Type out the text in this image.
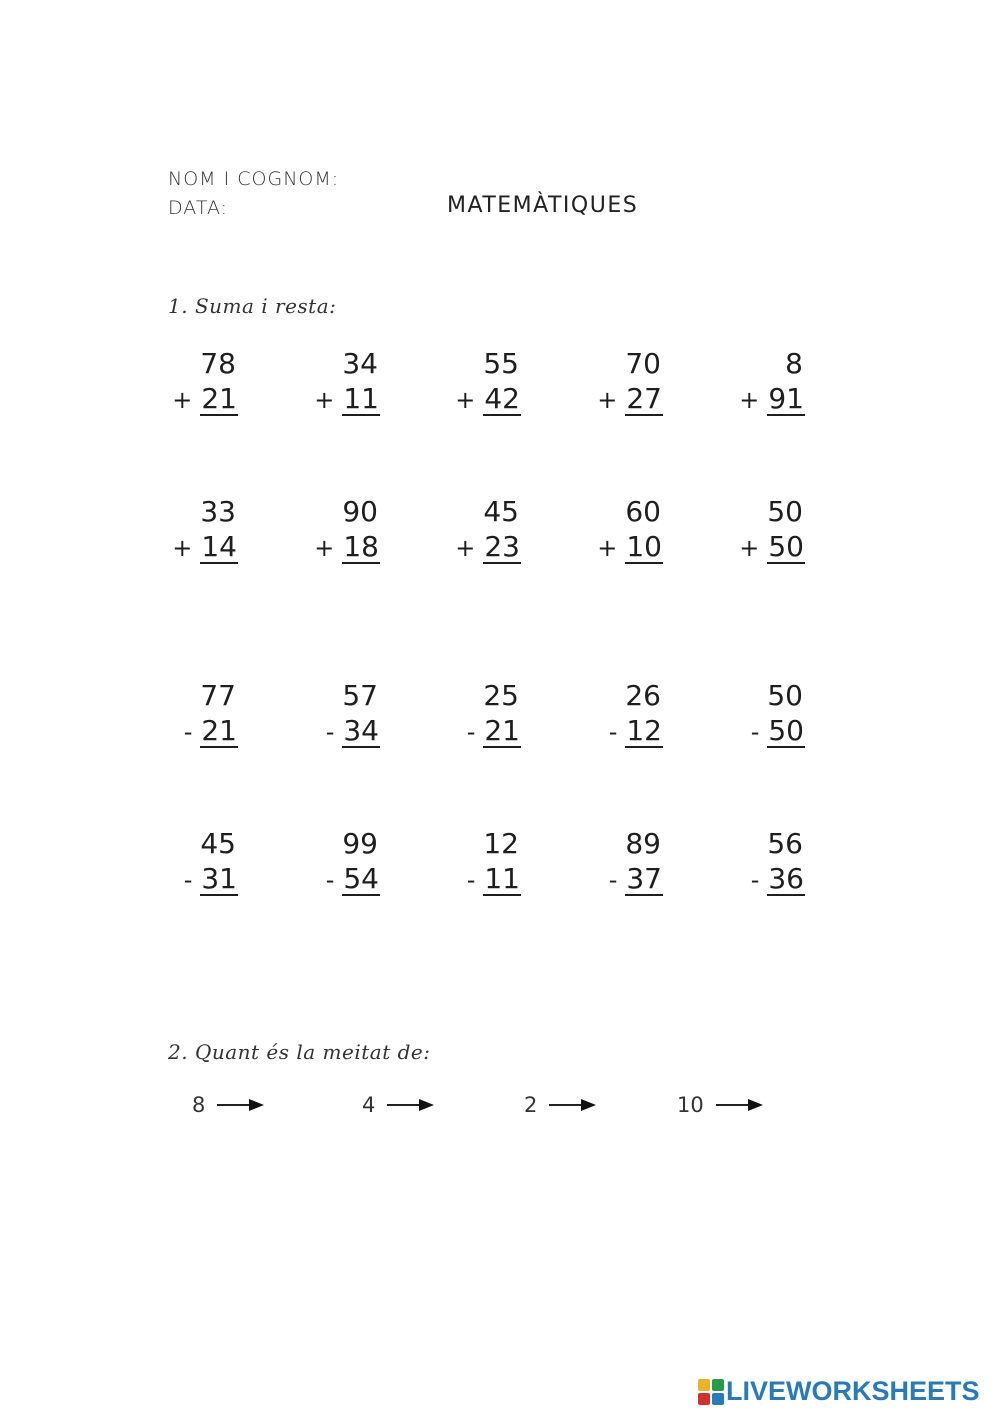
NOM I COGNOM:
DATA:	MATEMÀTIQUES
1. Suma i resta:
78
+ 21
34
+ 11
55
+ 42
70
+ 27
8
+ 91
33
+ 14
90
+ 18
45
+ 23
60
+ 10
50
+ 50
77
- 21
57
- 34
25
- 21
26
- 12
50
- 50
45
- 31
99
- 54
12
- 11
89
- 37
56
- 36
2. Quant és la meitat de:
8	4	2	10
LIVEWORKSHEETS
